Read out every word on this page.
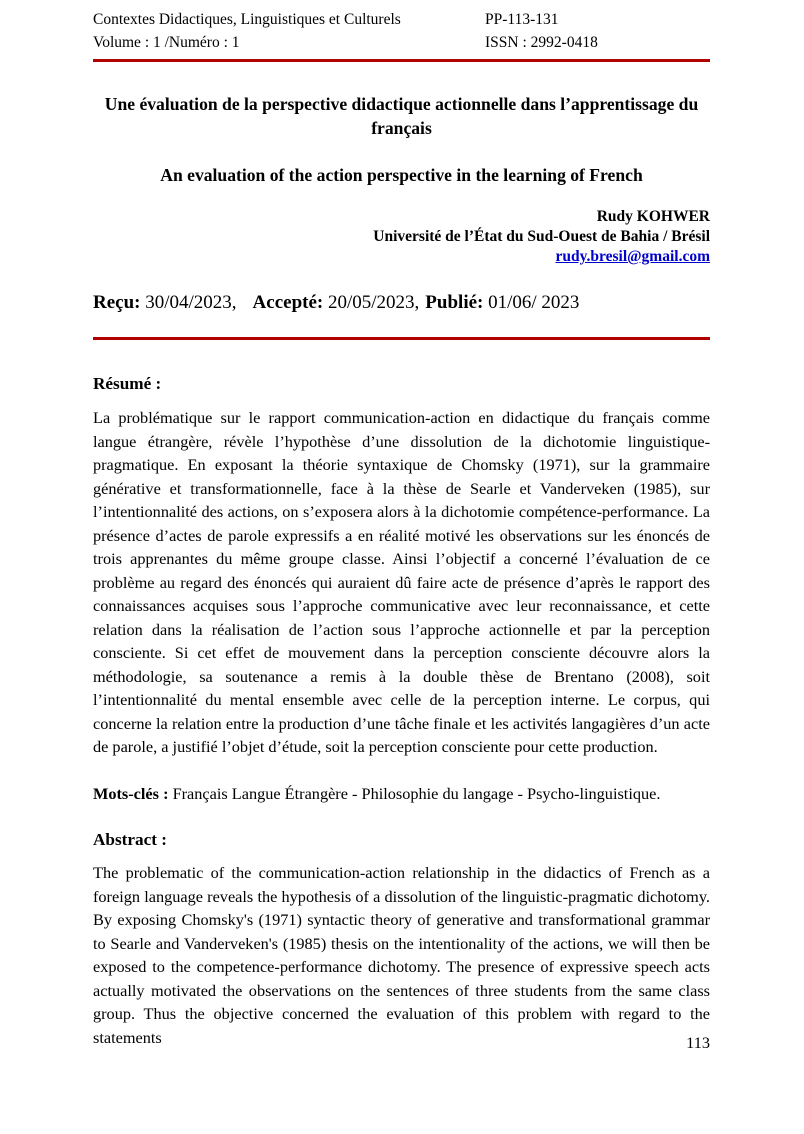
Contextes Didactiques, Linguistiques et Culturels	PP-113-131
Volume : 1 /Numéro : 1	ISSN : 2992-0418
Une évaluation de la perspective didactique actionnelle dans l’apprentissage du français
An evaluation of the action perspective in the learning of French
Rudy KOHWER
Université de l’État du Sud-Ouest de Bahia / Brésil
rudy.bresil@gmail.com
Reçu: 30/04/2023, Accepté: 20/05/2023, Publié: 01/06/ 2023
Résumé :
La problématique sur le rapport communication-action en didactique du français comme langue étrangère, révèle l’hypothèse d’une dissolution de la dichotomie linguistique-pragmatique. En exposant la théorie syntaxique de Chomsky (1971), sur la grammaire générative et transformationnelle, face à la thèse de Searle et Vanderveken (1985), sur l’intentionnalité des actions, on s’exposera alors à la dichotomie compétence-performance. La présence d’actes de parole expressifs a en réalité motivé les observations sur les énoncés de trois apprenantes du même groupe classe. Ainsi l’objectif a concerné l’évaluation de ce problème au regard des énoncés qui auraient dû faire acte de présence d’après le rapport des connaissances acquises sous l’approche communicative avec leur reconnaissance, et cette relation dans la réalisation de l’action sous l’approche actionnelle et par la perception consciente. Si cet effet de mouvement dans la perception consciente découvre alors la méthodologie, sa soutenance a remis à la double thèse de Brentano (2008), soit l’intentionnalité du mental ensemble avec celle de la perception interne. Le corpus, qui concerne la relation entre la production d’une tâche finale et les activités langagières d’un acte de parole, a justifié l’objet d’étude, soit la perception consciente pour cette production.
Mots-clés : Français Langue Étrangère - Philosophie du langage - Psycho-linguistique.
Abstract :
The problematic of the communication-action relationship in the didactics of French as a foreign language reveals the hypothesis of a dissolution of the linguistic-pragmatic dichotomy. By exposing Chomsky's (1971) syntactic theory of generative and transformational grammar to Searle and Vanderveken's (1985) thesis on the intentionality of the actions, we will then be exposed to the competence-performance dichotomy. The presence of expressive speech acts actually motivated the observations on the sentences of three students from the same class group. Thus the objective concerned the evaluation of this problem with regard to the statements	113
